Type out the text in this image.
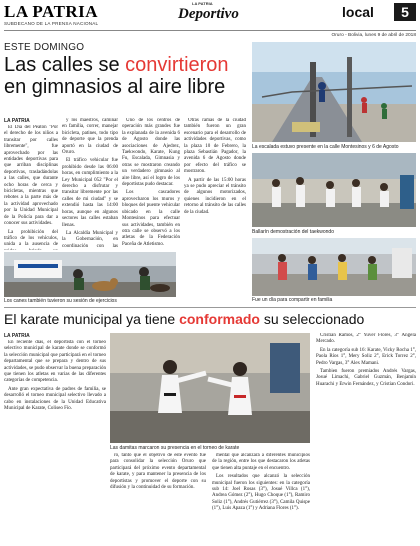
LA PATRIA
SUBDECANO DE LA PRENSA NACIONAL
LA PATRIA
Deportivo	local	5
Oruro - Bolivia, lunes 9 de abril de 2018
ESTE DOMINGO
Las calles se convirtieron en gimnasios al aire libre
La escalada estuvo presente en la calle Montesinos y 6 de Agosto
Ballarín demostración del taekwondo
Fue un día para compartir en familia
Los canes también tuvieron su sesión de ejercicios
LA PATRIA

El Día del Peatón "Por el derecho de los niños a transitar por calles libremente", fue aprovechado por las entidades deportivas para que arriban disciplinas deportivas, trasladándolas a las calles, que durante ocho horas de cerca y bicicletas, mientras que rebotes a la parte más de la actividad aprovechado por la Unidad Municipal de la Policía para dar a conocer sus actividades.

La prohibición del tráfico de los vehículos, unida a la ausencia de

y los maestros, caminar en familia, correr, manejar bicicleta, patines, todo tipo de deporte que la prenda aportó en la ciudad de Oruro.

El tráfico vehicular fue prohibido desde las 06:00 horas, en cumplimiento a la Ley Municipal 052 "Por el derecho a disfrutar y transitar libremente por las calles de mi ciudad" y se extendió hasta las 14:00 horas, aunque en algunos sectores las calles estaban llenas.

La Alcaldía Municipal y la Gobernación, en coordinación con las

Uno de los centros de operación más grandes fue la explanada de la avenida 6 de Agosto donde las asociaciones de Ajedrez, Taekwondo, Karate, Kung Fu, Escalada, Gimnasia y otras se mostraron creando un verdadero gimnasio al aire libre, así el logro de los deportistas pudo destacar.

Los cascadores aprovecharon los muros y bloques del puente vehicular ubicado en la calle Montesinos para efectuar sus actividades, también en otra calle se observó a los atletas de la Federación Paceña de Atletismo.

Otras ramas de la ciudad también fueron un gran escenario para el desarrollo de actividades deportivas, como la plaza 10 de Febrero, la plaza Sebastián Pagador, la avenida 6 de Agosto donde por efecto del tráfico se mostraron.

A partir de las 15:00 horas ya se pudo apreciar el tránsito de algunos motorizados, quienes incidieron en el retorno al tránsito de las calles de la ciudad.

El karate municipal ya tiene conformado su seleccionado
LA PATRIA
Las damitas marcaron su presencia en el torneo de karate

En reciente días, el deportista con el torneo selectivo municipal de karate donde se conformó la selección municipal que participará en el torneo departamental que se prepara y dentro de sus actividades, se pudo observar la buena preparación que tienen los atletas en varias de las diferentes categorías de competencia.

Ante gran expectativa de padres de familia, se desarrolló el torneo municipal selectivo llevado a cabo en instalaciones de la Unidad Educativa Municipal de Karate, Coliseo Fío.

ro, tanto que el objetivo de este evento fue para consolidar la selección Oruro que participará del próximo evento departamental de karate, y para mantener la presencia de los deportistas y promover el deporte con su difusión y la continuidad de su formación.

mental que alcanzará a diferentes municipios de la región, entre los que destacaron los atletas que tienen alta puntaje en el encuentro.

Los resultados que alcanzó la selección municipal fueron los siguientes: en la categoría sub 14: Joel Rosas (3°), Josué Villca (1°), Andrea Gómez (2°), Hugo Choque (1°), Ramiro Soliz (1°), Andrés Gutiérrez (3°), Camila Quispe (1°), Luis Apaza (1°) y Adriana Flores (1°).

Cristian Ramos, 2° Yuver Flores, 3° Ángela Mercado.

En la categoría sub 16: Karate, Vicky Rocha 1°, Paola Ríos 1°, Mery Soliz 2°, Erick Torrez 2°, Pedro Vargas, 3° Alex Mamani.

Tambien fueron premiados Andrés Vargas, Josué Limachi, Gabriel Guzmán, Benjamín Huarachi y Erwin Fernández, y Cristian Condori.
